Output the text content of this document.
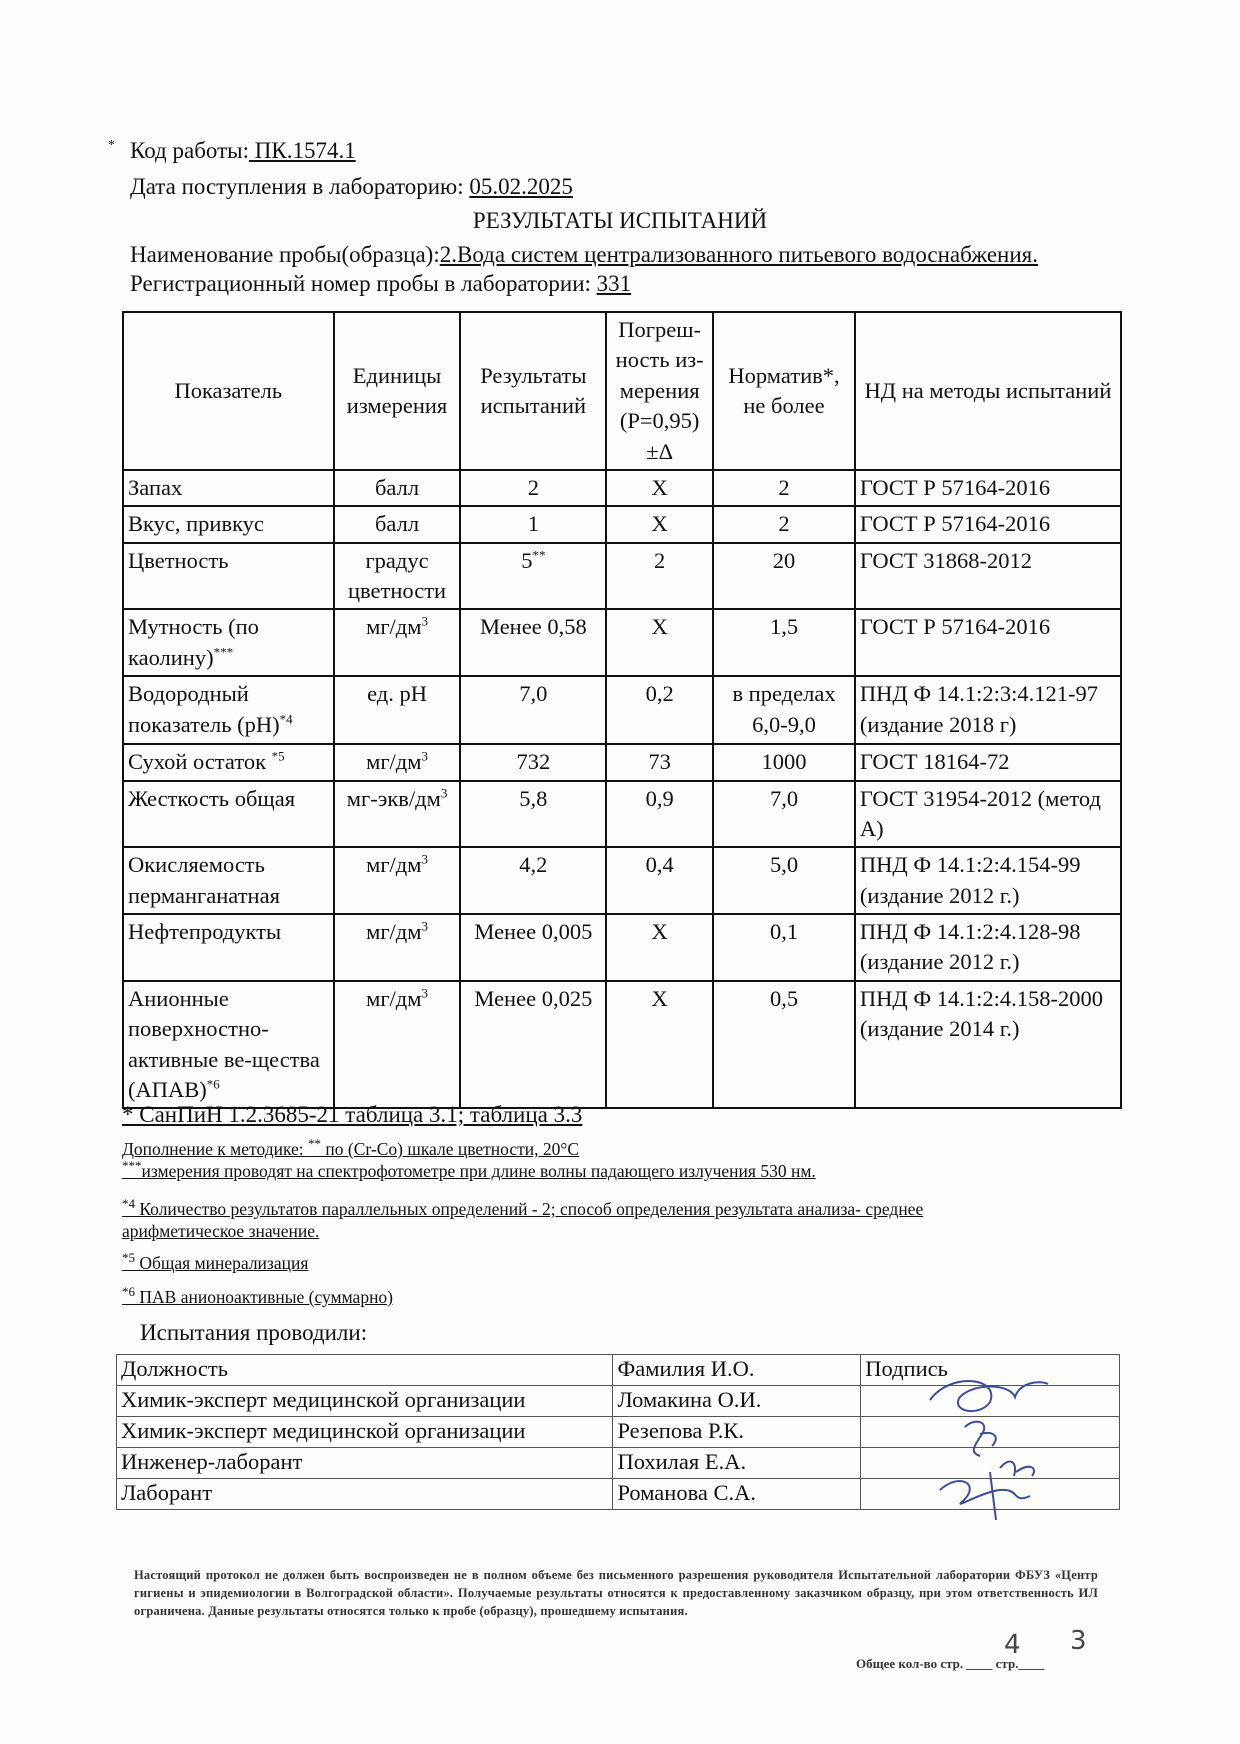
* Код работы: ПК.1574.1
Дата поступления в лабораторию: 05.02.2025
РЕЗУЛЬТАТЫ ИСПЫТАНИЙ
Наименование пробы(образца):2.Вода систем централизованного питьевого водоснабжения.
Регистрационный номер пробы в лаборатории: 331
Показатель	Единицы измерения	Результаты испытаний	Погреш-ность из-мерения (Р=0,95) ±Δ	Норматив*, не более	НД на методы испытаний
Запах	балл	2	X	2	ГОСТ Р 57164-2016
Вкус, привкус	балл	1	X	2	ГОСТ Р 57164-2016
Цветность	градус цветности	5**	2	20	ГОСТ 31868-2012
Мутность (по каолину)***	$мг/дм^3$	Менее 0,58	X	1,5	ГОСТ Р 57164-2016
Водородный показатель (рН)$^{*4}$	ед. рН	7,0	0,2	в пределах 6,0-9,0	ПНД Ф 14.1:2:3:4.121-97 (издание 2018 г)
Сухой остаток $^{*5}$	$мг/дм^3$	732	73	1000	ГОСТ 18164-72
Жесткость общая	$мг-экв/дм^3$	5,8	0,9	7,0	ГОСТ 31954-2012 (метод А)
Окисляемость перманганатная	$мг/дм^3$	4,2	0,4	5,0	ПНД Ф 14.1:2:4.154-99 (издание 2012 г.)
Нефтепродукты	$мг/дм^3$	Менее 0,005	X	0,1	ПНД Ф 14.1:2:4.128-98 (издание 2012 г.)
Анионные поверхностно-активные ве-щества (АПАВ)$^{*6}$	$мг/дм^3$	Менее 0,025	X	0,5	ПНД Ф 14.1:2:4.158-2000 (издание 2014 г.)
* СанПиН 1.2.3685-21 таблица 3.1; таблица 3.3
Дополнение к методике: ** по (Cr-Co) шкале цветности, 20°С
***измерения проводят на спектрофотометре при длине волны падающего излучения 530 нм.
$^{*4}$ Количество результатов параллельных определений - 2; способ определения результата анализа- среднее
арифметическое значение.
$^{*5}$ Общая минерализация
$^{*6}$ ПАВ анионоактивные (суммарно)
Испытания проводили:
Должность	Фамилия И.О.	Подпись
Химик-эксперт медицинской организации	Ломакина О.И.	
Химик-эксперт медицинской организации	Резепова Р.К.	
Инженер-лаборант	Похилая Е.А.	
Лаборант	Романова С.А.	
Настоящий протокол не должен быть воспроизведен не в полном объеме без письменного разрешения руководителя Испытательной лаборатории ФБУЗ «Центр гигиены и эпидемиологии в Волгоградской области». Получаемые результаты относятся к предоставленному заказчиком образцу, при этом ответственность ИЛ ограничена. Данные результаты относятся только к пробе (образцу), прошедшему испытания.
Общее кол-во стр. ____ стр.____
4 3
